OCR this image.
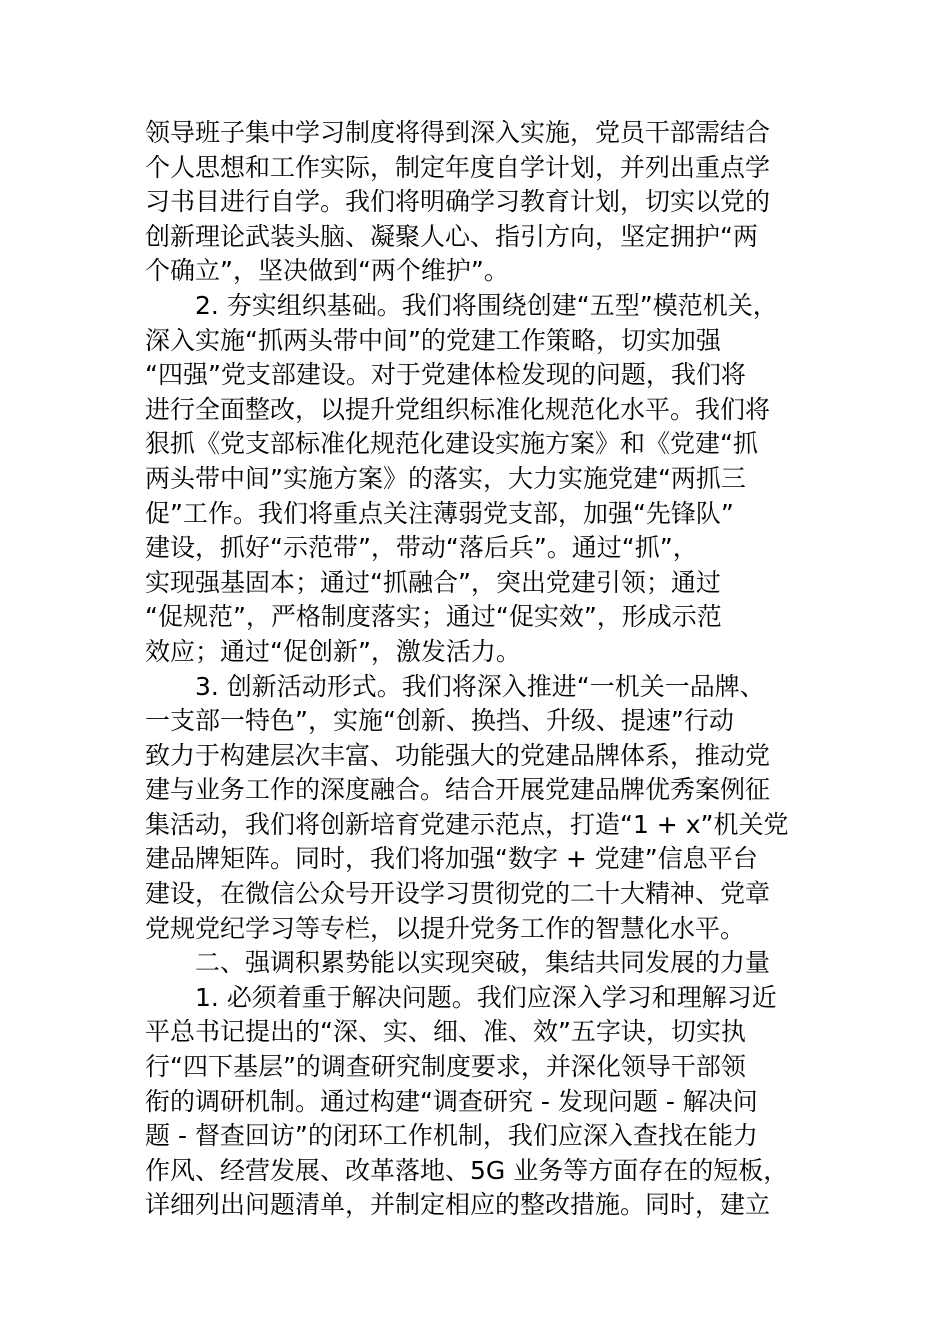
领导班子集中学习制度将得到深入实施，党员干部需结合
个人思想和工作实际，制定年度自学计划，并列出重点学
习书目进行自学。我们将明确学习教育计划，切实以党的
创新理论武装头脑、凝聚人心、指引方向，坚定拥护“两
个确立”，坚决做到“两个维护”。
2. 夯实组织基础。我们将围绕创建“五型”模范机关，
深入实施“抓两头带中间”的党建工作策略，切实加强
“四强”党支部建设。对于党建体检发现的问题，我们将
进行全面整改，以提升党组织标准化规范化水平。我们将
狠抓《党支部标准化规范化建设实施方案》和《党建“抓
两头带中间”实施方案》的落实，大力实施党建“两抓三
促”工作。我们将重点关注薄弱党支部，加强“先锋队”
建设，抓好“示范带”，带动“落后兵”。通过“抓”，
实现强基固本；通过“抓融合”，突出党建引领；通过
“促规范”，严格制度落实；通过“促实效”，形成示范
效应；通过“促创新”，激发活力。
3. 创新活动形式。我们将深入推进“一机关一品牌、
一支部一特色”，实施“创新、换挡、升级、提速”行动
致力于构建层次丰富、功能强大的党建品牌体系，推动党
建与业务工作的深度融合。结合开展党建品牌优秀案例征
集活动，我们将创新培育党建示范点，打造“1 + x”机关党
建品牌矩阵。同时，我们将加强“数字 + 党建”信息平台
建设，在微信公众号开设学习贯彻党的二十大精神、党章
党规党纪学习等专栏，以提升党务工作的智慧化水平。
二、强调积累势能以实现突破，集结共同发展的力量
1. 必须着重于解决问题。我们应深入学习和理解习近
平总书记提出的“深、实、细、准、效”五字诀，切实执
行“四下基层”的调查研究制度要求，并深化领导干部领
衔的调研机制。通过构建“调查研究 - 发现问题 - 解决问
题 - 督查回访”的闭环工作机制，我们应深入查找在能力
作风、经营发展、改革落地、5G 业务等方面存在的短板，
详细列出问题清单，并制定相应的整改措施。同时，建立
